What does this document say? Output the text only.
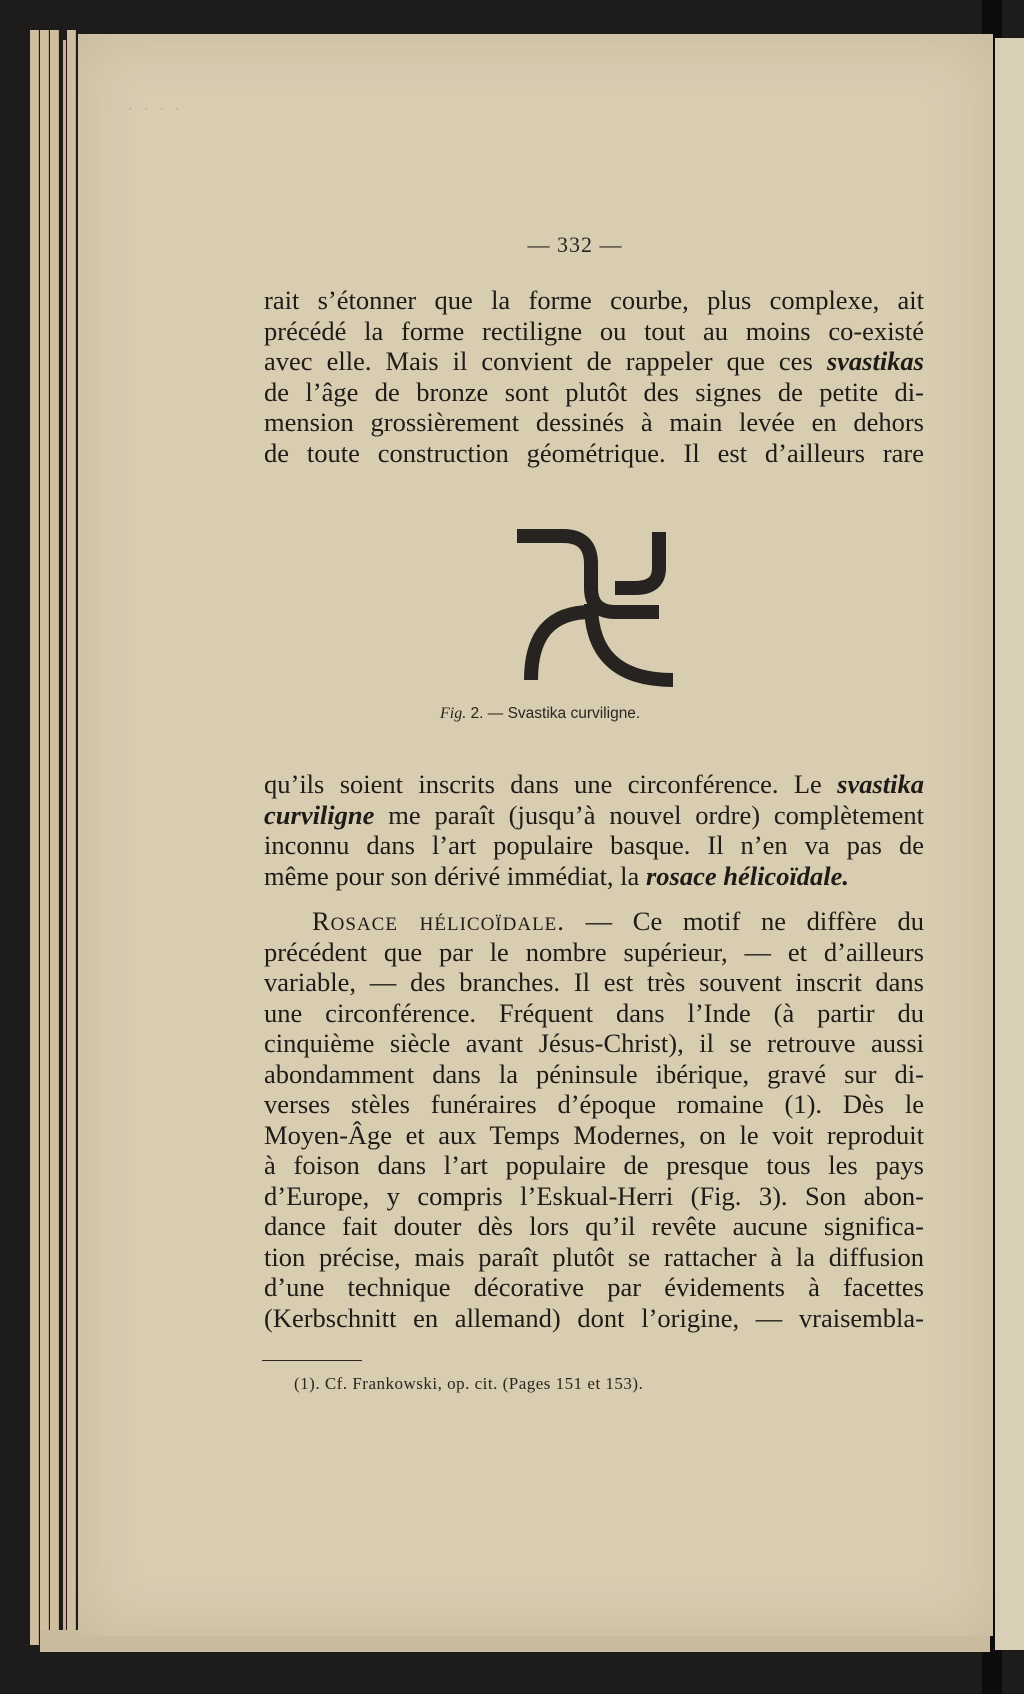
· · · ·
— 332 —

rait s’étonner que la forme courbe, plus complexe, ait
précédé la forme rectiligne ou tout au moins co-existé
avec elle. Mais il convient de rappeler que ces svastikas
de l’âge de bronze sont plutôt des signes de petite di-
mension grossièrement dessinés à main levée en dehors
de toute construction géométrique. Il est d’ailleurs rare

Fig. 2. — Svastika curviligne.

qu’ils soient inscrits dans une circonférence. Le svastika
curviligne me paraît (jusqu’à nouvel ordre) complètement
inconnu dans l’art populaire basque. Il n’en va pas de
même pour son dérivé immédiat, la rosace hélicoïdale.

Rosace hélicoïdale. — Ce motif ne diffère du
précédent que par le nombre supérieur, — et d’ailleurs
variable, — des branches. Il est très souvent inscrit dans
une circonférence. Fréquent dans l’Inde (à partir du
cinquième siècle avant Jésus-Christ), il se retrouve aussi
abondamment dans la péninsule ibérique, gravé sur di-
verses stèles funéraires d’époque romaine (1). Dès le
Moyen-Âge et aux Temps Modernes, on le voit reproduit
à foison dans l’art populaire de presque tous les pays
d’Europe, y compris l’Eskual-Herri (Fig. 3). Son abon-
dance fait douter dès lors qu’il revête aucune significa-
tion précise, mais paraît plutôt se rattacher à la diffusion
d’une technique décorative par évidements à facettes
(Kerbschnitt en allemand) dont l’origine, — vraisembla-

(1). Cf. Frankowski, op. cit. (Pages 151 et 153).
